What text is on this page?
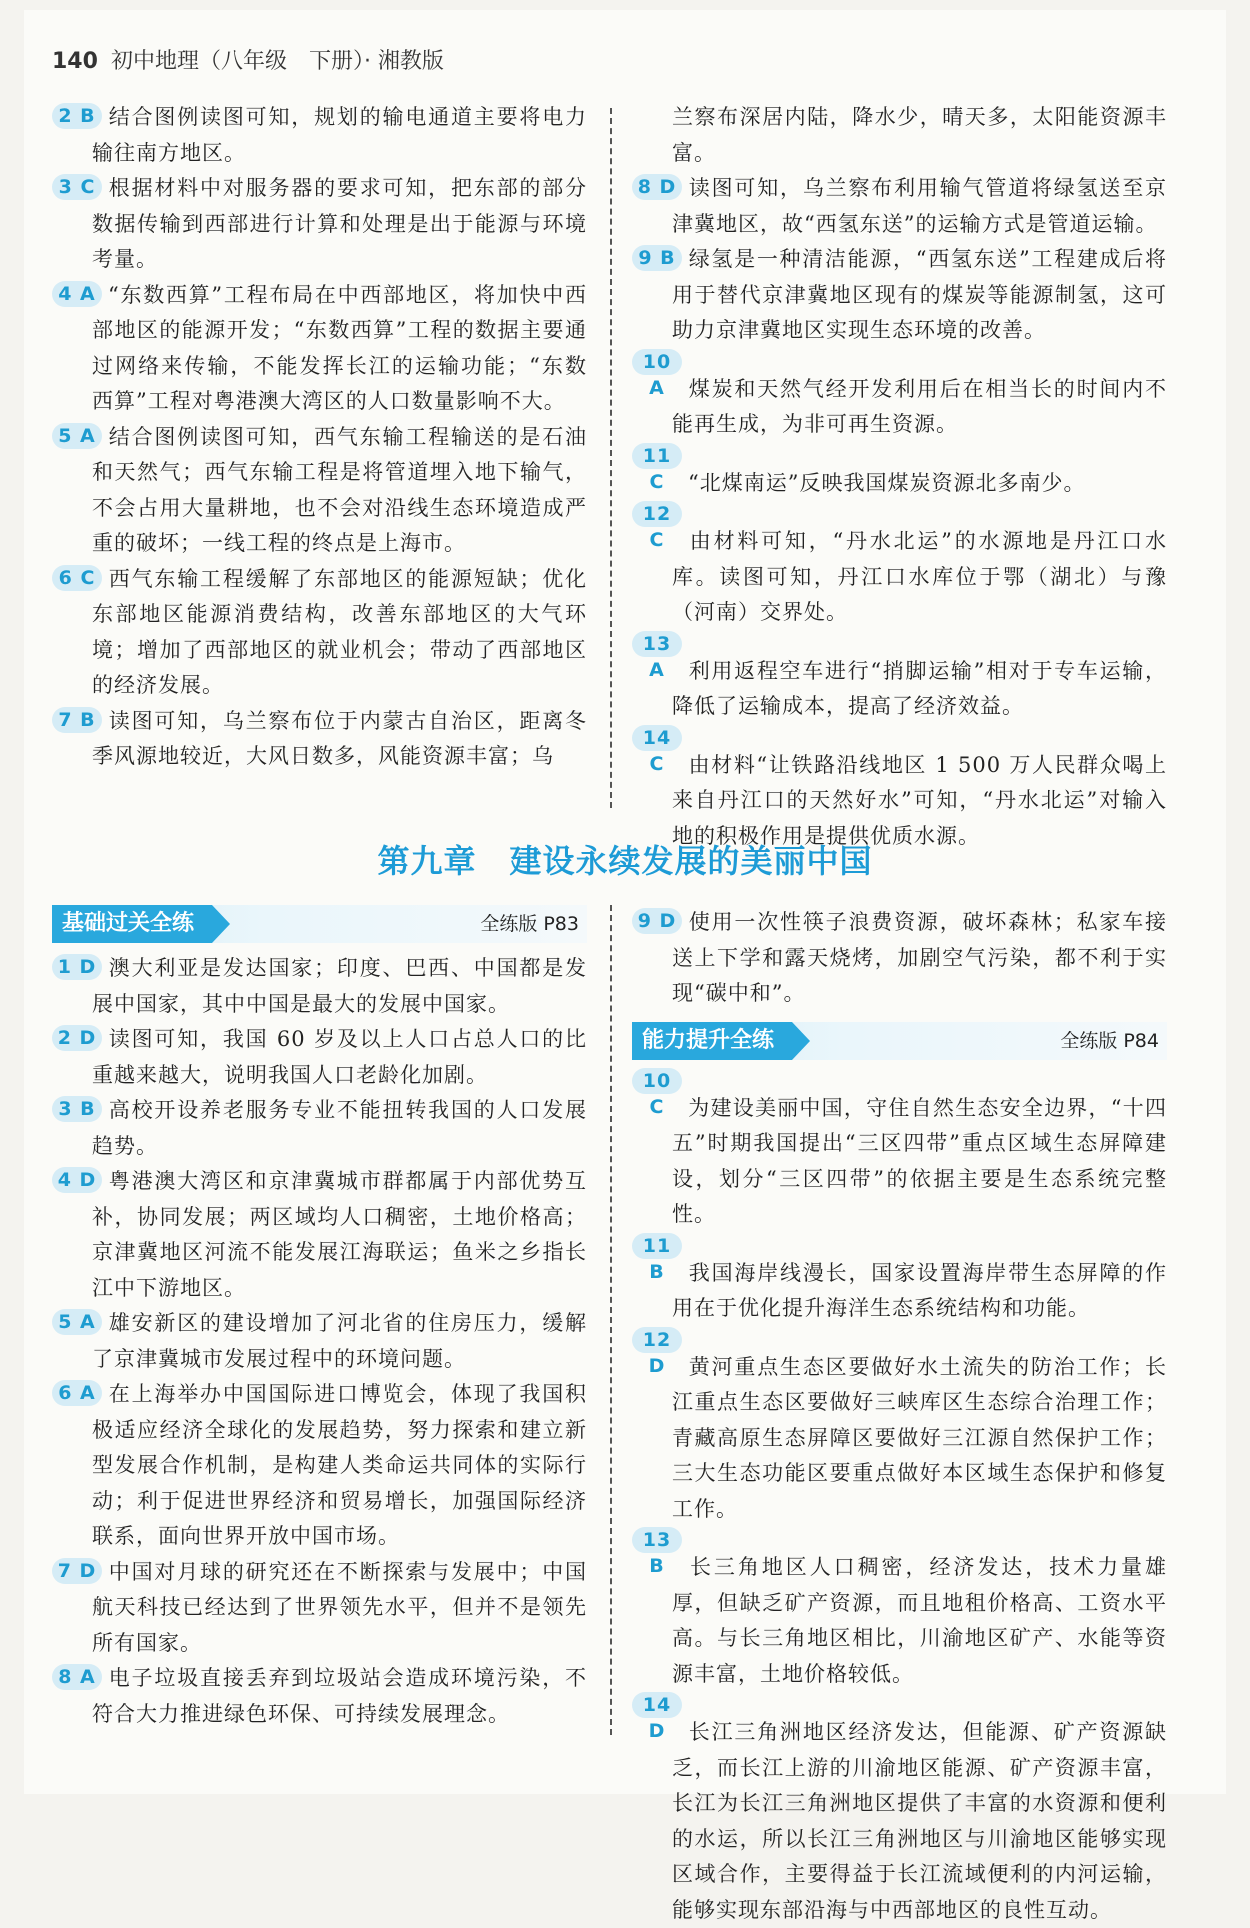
140 初中地理（八年级　下册）· 湘教版

2 B 结合图例读图可知，规划的输电通道主要将电力输往南方地区。

3 C 根据材料中对服务器的要求可知，把东部的部分数据传输到西部进行计算和处理是出于能源与环境考量。

4 A “东数西算”工程布局在中西部地区，将加快中西部地区的能源开发；“东数西算”工程的数据主要通过网络来传输，不能发挥长江的运输功能；“东数西算”工程对粤港澳大湾区的人口数量影响不大。

5 A 结合图例读图可知，西气东输工程输送的是石油和天然气；西气东输工程是将管道埋入地下输气，不会占用大量耕地，也不会对沿线生态环境造成严重的破坏；一线工程的终点是上海市。

6 C 西气东输工程缓解了东部地区的能源短缺；优化东部地区能源消费结构，改善东部地区的大气环境；增加了西部地区的就业机会；带动了西部地区的经济发展。

7 B 读图可知，乌兰察布位于内蒙古自治区，距离冬季风源地较近，大风日数多，风能资源丰富；乌

兰察布深居内陆，降水少，晴天多，太阳能资源丰富。

8 D 读图可知，乌兰察布利用输气管道将绿氢送至京津冀地区，故“西氢东送”的运输方式是管道运输。

9 B 绿氢是一种清洁能源，“西氢东送”工程建成后将用于替代京津冀地区现有的煤炭等能源制氢，这可助力京津冀地区实现生态环境的改善。

10 A 煤炭和天然气经开发利用后在相当长的时间内不能再生成，为非可再生资源。

11 C “北煤南运”反映我国煤炭资源北多南少。

12 C 由材料可知，“丹水北运”的水源地是丹江口水库。读图可知，丹江口水库位于鄂（湖北）与豫（河南）交界处。

13 A 利用返程空车进行“捎脚运输”相对于专车运输，降低了运输成本，提高了经济效益。

14 C 由材料“让铁路沿线地区 1 500 万人民群众喝上来自丹江口的天然好水”可知，“丹水北运”对输入地的积极作用是提供优质水源。

第九章　建设永续发展的美丽中国
基础过关全练	全练版 P83

1 D 澳大利亚是发达国家；印度、巴西、中国都是发展中国家，其中中国是最大的发展中国家。

2 D 读图可知，我国 60 岁及以上人口占总人口的比重越来越大，说明我国人口老龄化加剧。

3 B 高校开设养老服务专业不能扭转我国的人口发展趋势。

4 D 粤港澳大湾区和京津冀城市群都属于内部优势互补，协同发展；两区域均人口稠密，土地价格高；京津冀地区河流不能发展江海联运；鱼米之乡指长江中下游地区。

5 A 雄安新区的建设增加了河北省的住房压力，缓解了京津冀城市发展过程中的环境问题。

6 A 在上海举办中国国际进口博览会，体现了我国积极适应经济全球化的发展趋势，努力探索和建立新型发展合作机制，是构建人类命运共同体的实际行动；利于促进世界经济和贸易增长，加强国际经济联系，面向世界开放中国市场。

7 D 中国对月球的研究还在不断探索与发展中；中国航天科技已经达到了世界领先水平，但并不是领先所有国家。

8 A 电子垃圾直接丢弃到垃圾站会造成环境污染，不符合大力推进绿色环保、可持续发展理念。

9 D 使用一次性筷子浪费资源，破坏森林；私家车接送上下学和露天烧烤，加剧空气污染，都不利于实现“碳中和”。

能力提升全练	全练版 P84

10 C 为建设美丽中国，守住自然生态安全边界，“十四五”时期我国提出“三区四带”重点区域生态屏障建设，划分“三区四带”的依据主要是生态系统完整性。

11 B 我国海岸线漫长，国家设置海岸带生态屏障的作用在于优化提升海洋生态系统结构和功能。

12 D 黄河重点生态区要做好水土流失的防治工作；长江重点生态区要做好三峡库区生态综合治理工作；青藏高原生态屏障区要做好三江源自然保护工作；三大生态功能区要重点做好本区域生态保护和修复工作。

13 B 长三角地区人口稠密，经济发达，技术力量雄厚，但缺乏矿产资源，而且地租价格高、工资水平高。与长三角地区相比，川渝地区矿产、水能等资源丰富，土地价格较低。

14 D 长江三角洲地区经济发达，但能源、矿产资源缺乏，而长江上游的川渝地区能源、矿产资源丰富，长江为长江三角洲地区提供了丰富的水资源和便利的水运，所以长江三角洲地区与川渝地区能够实现区域合作，主要得益于长江流域便利的内河运输，能够实现东部沿海与中西部地区的良性互动。
